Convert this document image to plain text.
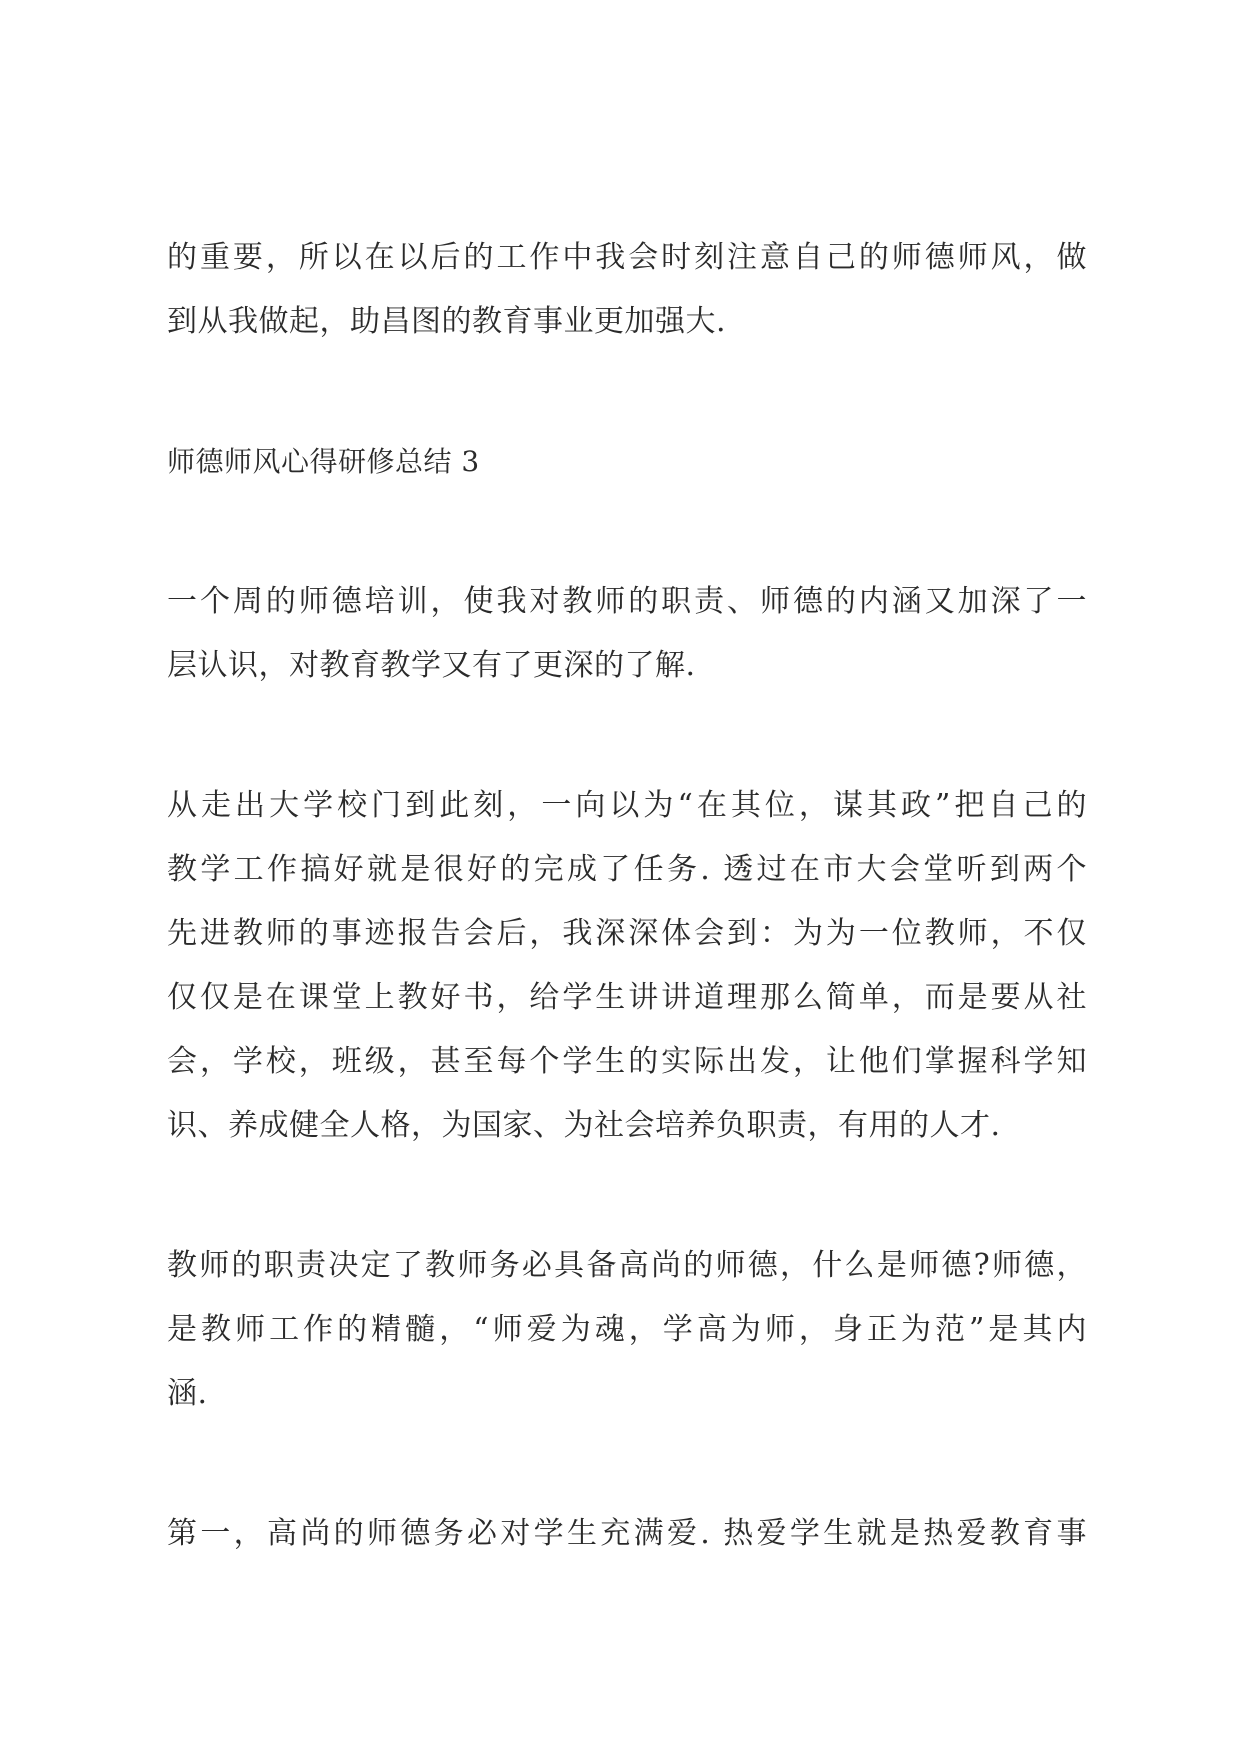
的重要，所以在以后的工作中我会时刻注意自己的师德师风，做
到从我做起，助昌图的教育事业更加强大.
师德师风心得研修总结 3
一个周的师德培训，使我对教师的职责、师德的内涵又加深了一
层认识，对教育教学又有了更深的了解.
从走出大学校门到此刻，一向以为“在其位，谋其政”把自己的
教学工作搞好就是很好的完成了任务. 透过在市大会堂听到两个
先进教师的事迹报告会后，我深深体会到：为为一位教师，不仅
仅仅是在课堂上教好书，给学生讲讲道理那么简单，而是要从社
会，学校，班级，甚至每个学生的实际出发，让他们掌握科学知
识、养成健全人格，为国家、为社会培养负职责，有用的人才.
教师的职责决定了教师务必具备高尚的师德，什么是师德?师德，
是教师工作的精髓，“师爱为魂，学高为师，身正为范”是其内
涵.
第一，高尚的师德务必对学生充满爱. 热爱学生就是热爱教育事
